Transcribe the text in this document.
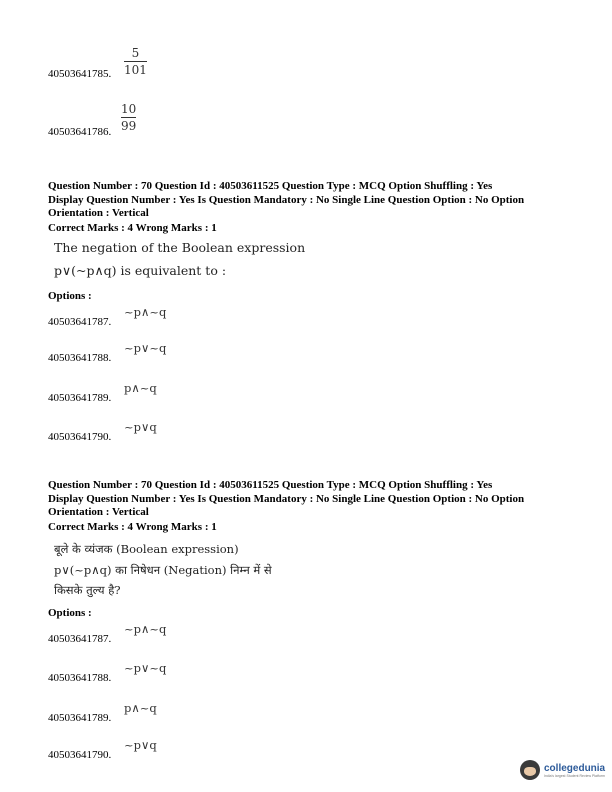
40503641785.
5
101
40503641786.
10
99
Question Number : 70 Question Id : 40503611525 Question Type : MCQ Option Shuffling : Yes
Display Question Number : Yes Is Question Mandatory : No Single Line Question Option : No Option
Orientation : Vertical
Correct Marks : 4 Wrong Marks : 1
The negation of the Boolean expression
p∨(~p∧q) is equivalent to :
Options :
40503641787.
~p∧~q
40503641788.
~p∨~q
40503641789.
p∧~q
40503641790.
~p∨q
Question Number : 70 Question Id : 40503611525 Question Type : MCQ Option Shuffling : Yes
Display Question Number : Yes Is Question Mandatory : No Single Line Question Option : No Option
Orientation : Vertical
Correct Marks : 4 Wrong Marks : 1
बूले के व्यंजक (Boolean expression)
p∨(~p∧q) का निषेधन (Negation) निम्न में से
किसके तुल्य है?
Options :
40503641787.
~p∧~q
40503641788.
~p∨~q
40503641789.
p∧~q
40503641790.
~p∨q
collegedunia
India's largest Student Review Platform
